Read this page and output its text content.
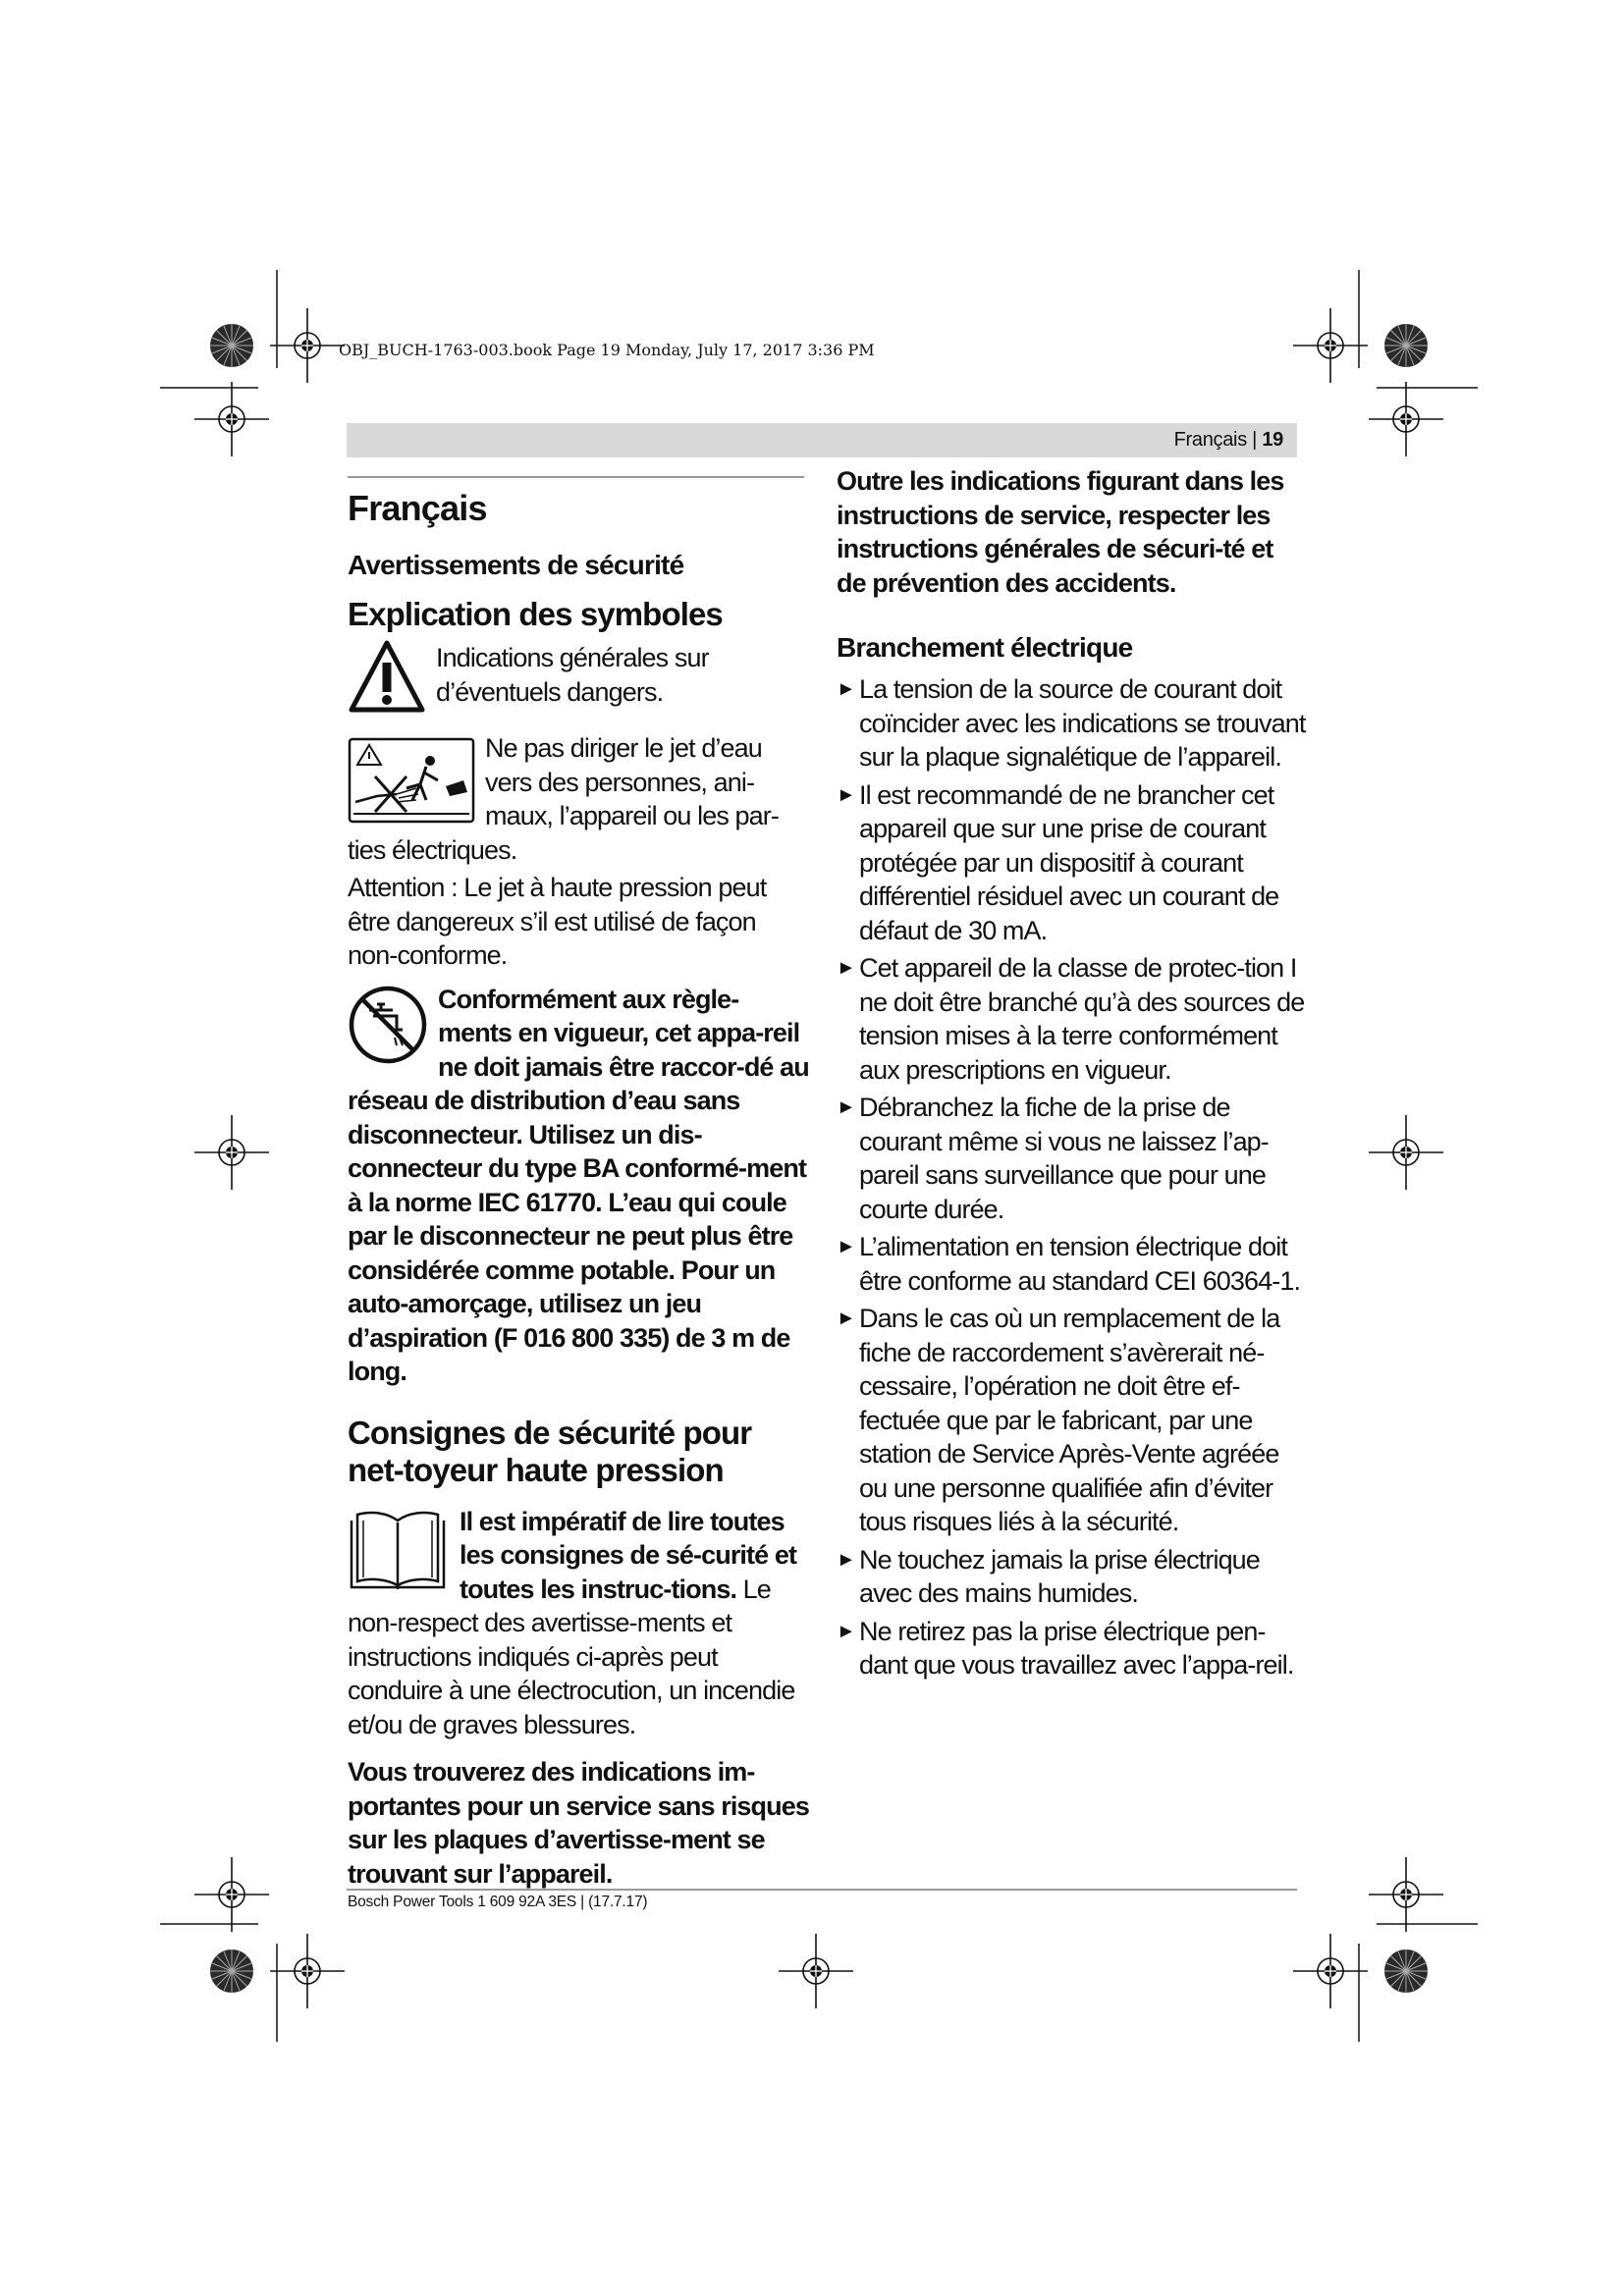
OBJ_BUCH-1763-003.book Page 19 Monday, July 17, 2017 3:36 PM
Français | 19
Français
Avertissements de sécurité
Explication des symboles

Indications générales sur d’éventuels dangers.

Ne pas diriger le jet d’eau vers des personnes, ani-maux, l’appareil ou les par-ties électriques.

Attention : Le jet à haute pression peut être dangereux s’il est utilisé de façon non-conforme.

Conformément aux règle-ments en vigueur, cet appa-reil ne doit jamais être raccor-dé au réseau de distribution d’eau sans disconnecteur. Utilisez un dis-connecteur du type BA conformé-ment à la norme IEC 61770. L’eau qui coule par le disconnecteur ne peut plus être considérée comme potable. Pour un auto-amorçage, utilisez un jeu d’aspiration (F 016 800 335) de 3 m de long.

Consignes de sécurité pour net-toyeur haute pression

Il est impératif de lire toutes les consignes de sé-curité et toutes les instruc-tions. Le non-respect des avertisse-ments et instructions indiqués ci-après peut conduire à une électrocution, un incendie et/ou de graves blessures.

Vous trouverez des indications im-portantes pour un service sans risques sur les plaques d’avertisse-ment se trouvant sur l’appareil.

Outre les indications figurant dans les instructions de service, respecter les instructions générales de sécuri-té et de prévention des accidents.

Branchement électrique
► La tension de la source de courant doit coïncider avec les indications se trouvant sur la plaque signalétique de l’appareil.
► Il est recommandé de ne brancher cet appareil que sur une prise de courant protégée par un dispositif à courant différentiel résiduel avec un courant de défaut de 30 mA.
► Cet appareil de la classe de protec-tion I ne doit être branché qu’à des sources de tension mises à la terre conformément aux prescriptions en vigueur.
► Débranchez la fiche de la prise de courant même si vous ne laissez l’ap-pareil sans surveillance que pour une courte durée.
► L’alimentation en tension électrique doit être conforme au standard CEI 60364-1.
► Dans le cas où un remplacement de la fiche de raccordement s’avèrerait né-cessaire, l’opération ne doit être ef-fectuée que par le fabricant, par une station de Service Après-Vente agréée ou une personne qualifiée afin d’éviter tous risques liés à la sécurité.
► Ne touchez jamais la prise électrique avec des mains humides.
► Ne retirez pas la prise électrique pen-dant que vous travaillez avec l’appa-reil.
Bosch Power Tools 1 609 92A 3ES | (17.7.17)
